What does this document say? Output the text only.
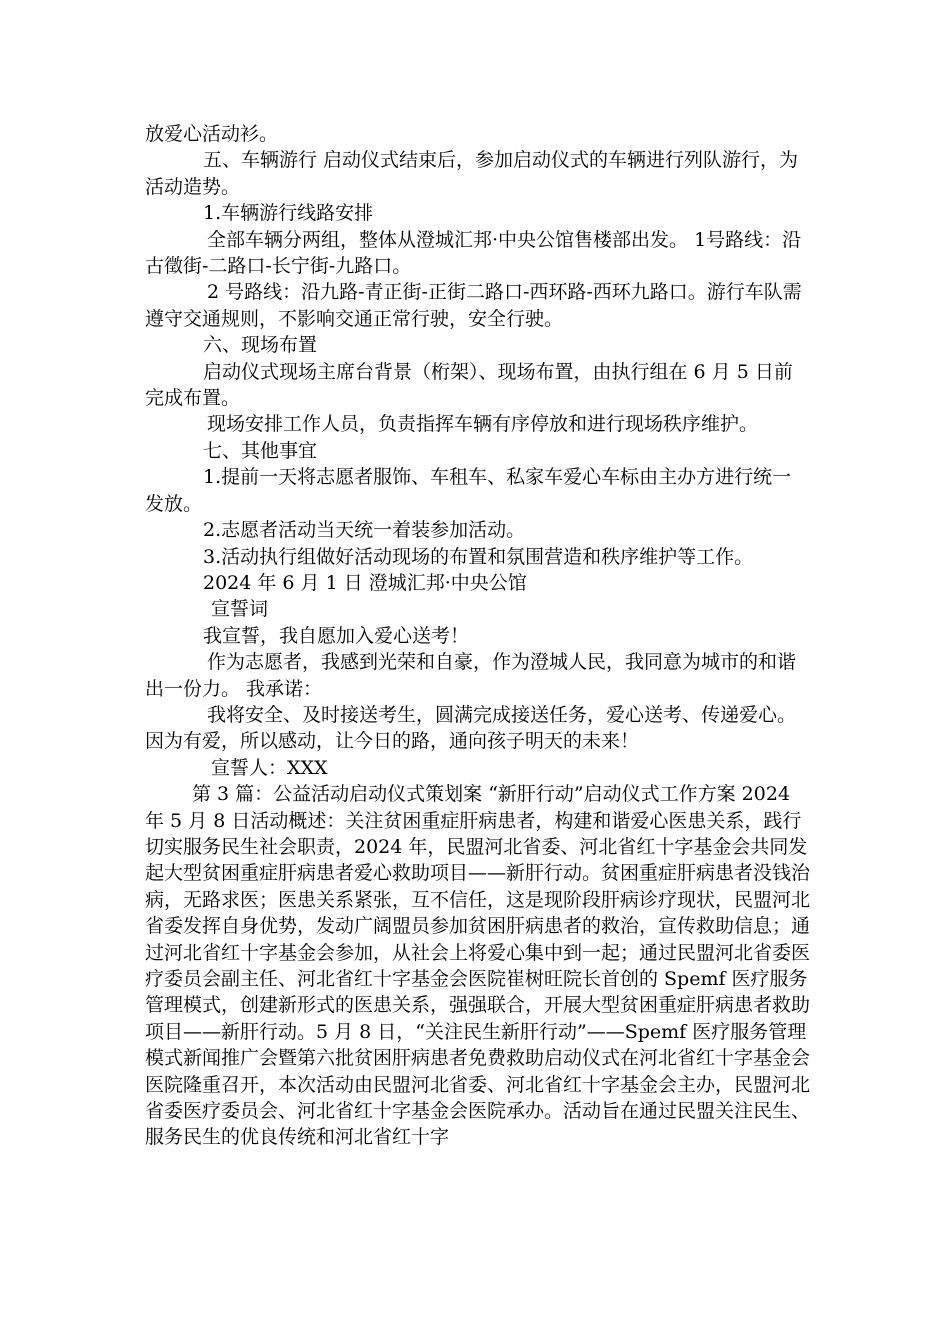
放爱心活动衫。

五、车辆游行 启动仪式结束后，参加启动仪式的车辆进行列队游行，为活动造势。

1.车辆游行线路安排

全部车辆分两组，整体从澄城汇邦·中央公馆售楼部出发。 1号路线：沿古徵街-二路口-长宁街-九路口。

2 号路线：沿九路-青正街-正街二路口-西环路-西环九路口。游行车队需遵守交通规则，不影响交通正常行驶，安全行驶。

六、现场布置

启动仪式现场主席台背景（桁架）、现场布置，由执行组在 6 月 5 日前完成布置。

现场安排工作人员，负责指挥车辆有序停放和进行现场秩序维护。

七、其他事宜

1.提前一天将志愿者服饰、车租车、私家车爱心车标由主办方进行统一发放。

2.志愿者活动当天统一着装参加活动。

3.活动执行组做好活动现场的布置和氛围营造和秩序维护等工作。

2024 年 6 月 1 日 澄城汇邦·中央公馆

宣誓词

我宣誓，我自愿加入爱心送考！

作为志愿者，我感到光荣和自豪，作为澄城人民，我同意为城市的和谐出一份力。 我承诺：

我将安全、及时接送考生，圆满完成接送任务，爱心送考、传递爱心。因为有爱，所以感动，让今日的路，通向孩子明天的未来！

宣誓人：XXX

第 3 篇：公益活动启动仪式策划案 “新肝行动”启动仪式工作方案 2024 年 5 月 8 日活动概述：关注贫困重症肝病患者，构建和谐爱心医患关系，践行切实服务民生社会职责，2024 年，民盟河北省委、河北省红十字基金会共同发起大型贫困重症肝病患者爱心救助项目——新肝行动。贫困重症肝病患者没钱治病，无路求医；医患关系紧张，互不信任，这是现阶段肝病诊疗现状，民盟河北省委发挥自身优势，发动广阔盟员参加贫困肝病患者的救治，宣传救助信息；通过河北省红十字基金会参加，从社会上将爱心集中到一起；通过民盟河北省委医疗委员会副主任、河北省红十字基金会医院崔树旺院长首创的 Spemf 医疗服务管理模式，创建新形式的医患关系，强强联合，开展大型贫困重症肝病患者救助项目——新肝行动。5 月 8 日，“关注民生新肝行动”——Spemf 医疗服务管理模式新闻推广会暨第六批贫困肝病患者免费救助启动仪式在河北省红十字基金会医院隆重召开，本次活动由民盟河北省委、河北省红十字基金会主办，民盟河北省委医疗委员会、河北省红十字基金会医院承办。活动旨在通过民盟关注民生、服务民生的优良传统和河北省红十字
